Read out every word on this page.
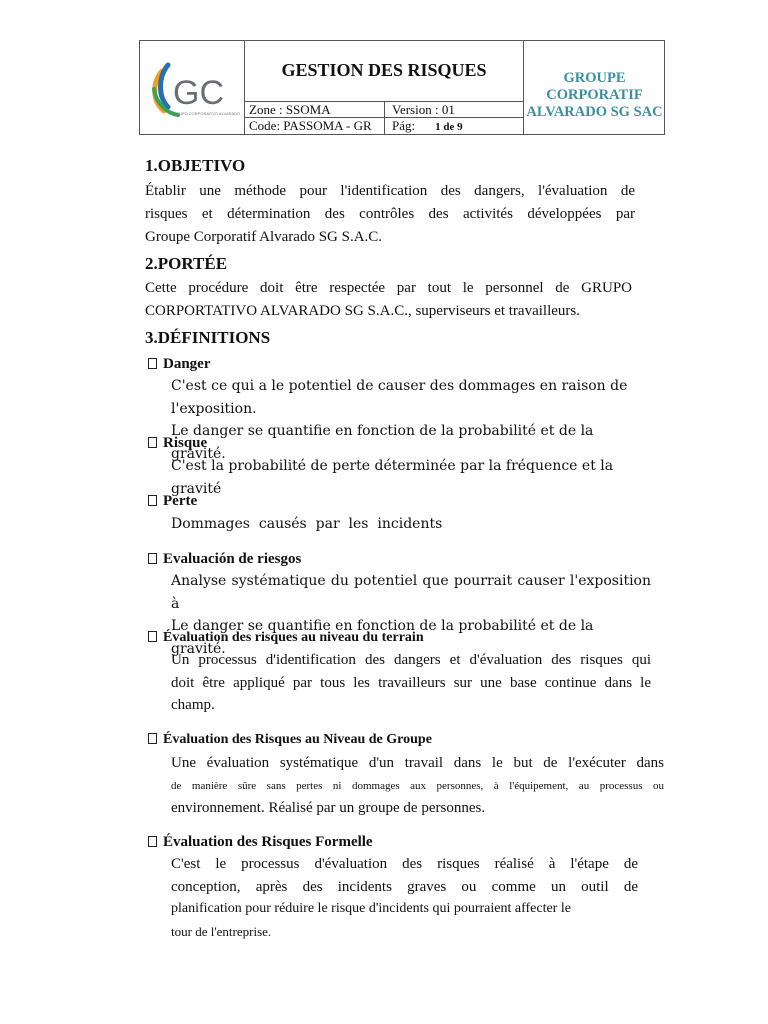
GC
GRUPO CORPORATIVO ALVARADO
GESTION DES RISQUES
Zone : SSOMA	Version : 01
Code: PASSOMA - GR	Pág: 1 de 9
GROUPE
CORPORATIF
ALVARADO SG SAC
1.OBJETIVO
Établir une méthode pour l'identification des dangers, l'évaluation de
risques et détermination des contrôles des activités développées par
Groupe Corporatif Alvarado SG S.A.C.
2.PORTÉE
Cette procédure doit être respectée par tout le personnel de GRUPO
CORPORTATIVO ALVARADO SG S.A.C., superviseurs et travailleurs.
3.DÉFINITIONS
Danger
C'est ce qui a le potentiel de causer des dommages en raison de l'exposition.
Le danger se quantifie en fonction de la probabilité et de la gravité.
Risque
C'est la probabilité de perte déterminée par la fréquence et la gravité
Perte
Dommages  causés  par  les  incidents
Evaluación de riesgos
Analyse systématique du potentiel que pourrait causer l'exposition à
Le danger se quantifie en fonction de la probabilité et de la gravité.
Évaluation des risques au niveau du terrain
Un processus d'identification des dangers et d'évaluation des risques qui
doit être appliqué par tous les travailleurs sur une base continue dans le
champ.
Évaluation des Risques au Niveau de Groupe
Une évaluation systématique d'un travail dans le but de l'exécuter dans
de manière sûre sans pertes ni dommages aux personnes, à l'équipement, au processus ou
environnement. Réalisé par un groupe de personnes.
Évaluation des Risques Formelle
C'est le processus d'évaluation des risques réalisé à l'étape de
conception, après des incidents graves ou comme un outil de
planification pour réduire le risque d'incidents qui pourraient affecter le
tour de l'entreprise.
